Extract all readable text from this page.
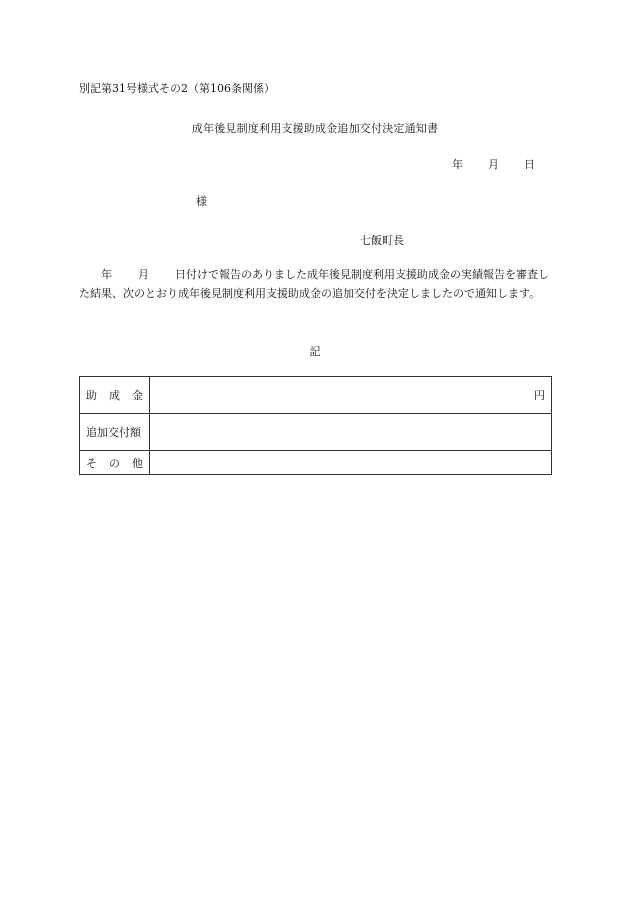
別記第31号様式その2（第106条関係）
成年後見制度利用支援助成金追加交付決定通知書
年 月 日
様
七飯町長
年 月 日付けで報告のありました成年後見制度利用支援助成金の実績報告を審査した結果、次のとおり成年後見制度利用支援助成金の追加交付を決定しましたので通知します。
記
助 成 金	円
追加交付額	

そ の 他	
